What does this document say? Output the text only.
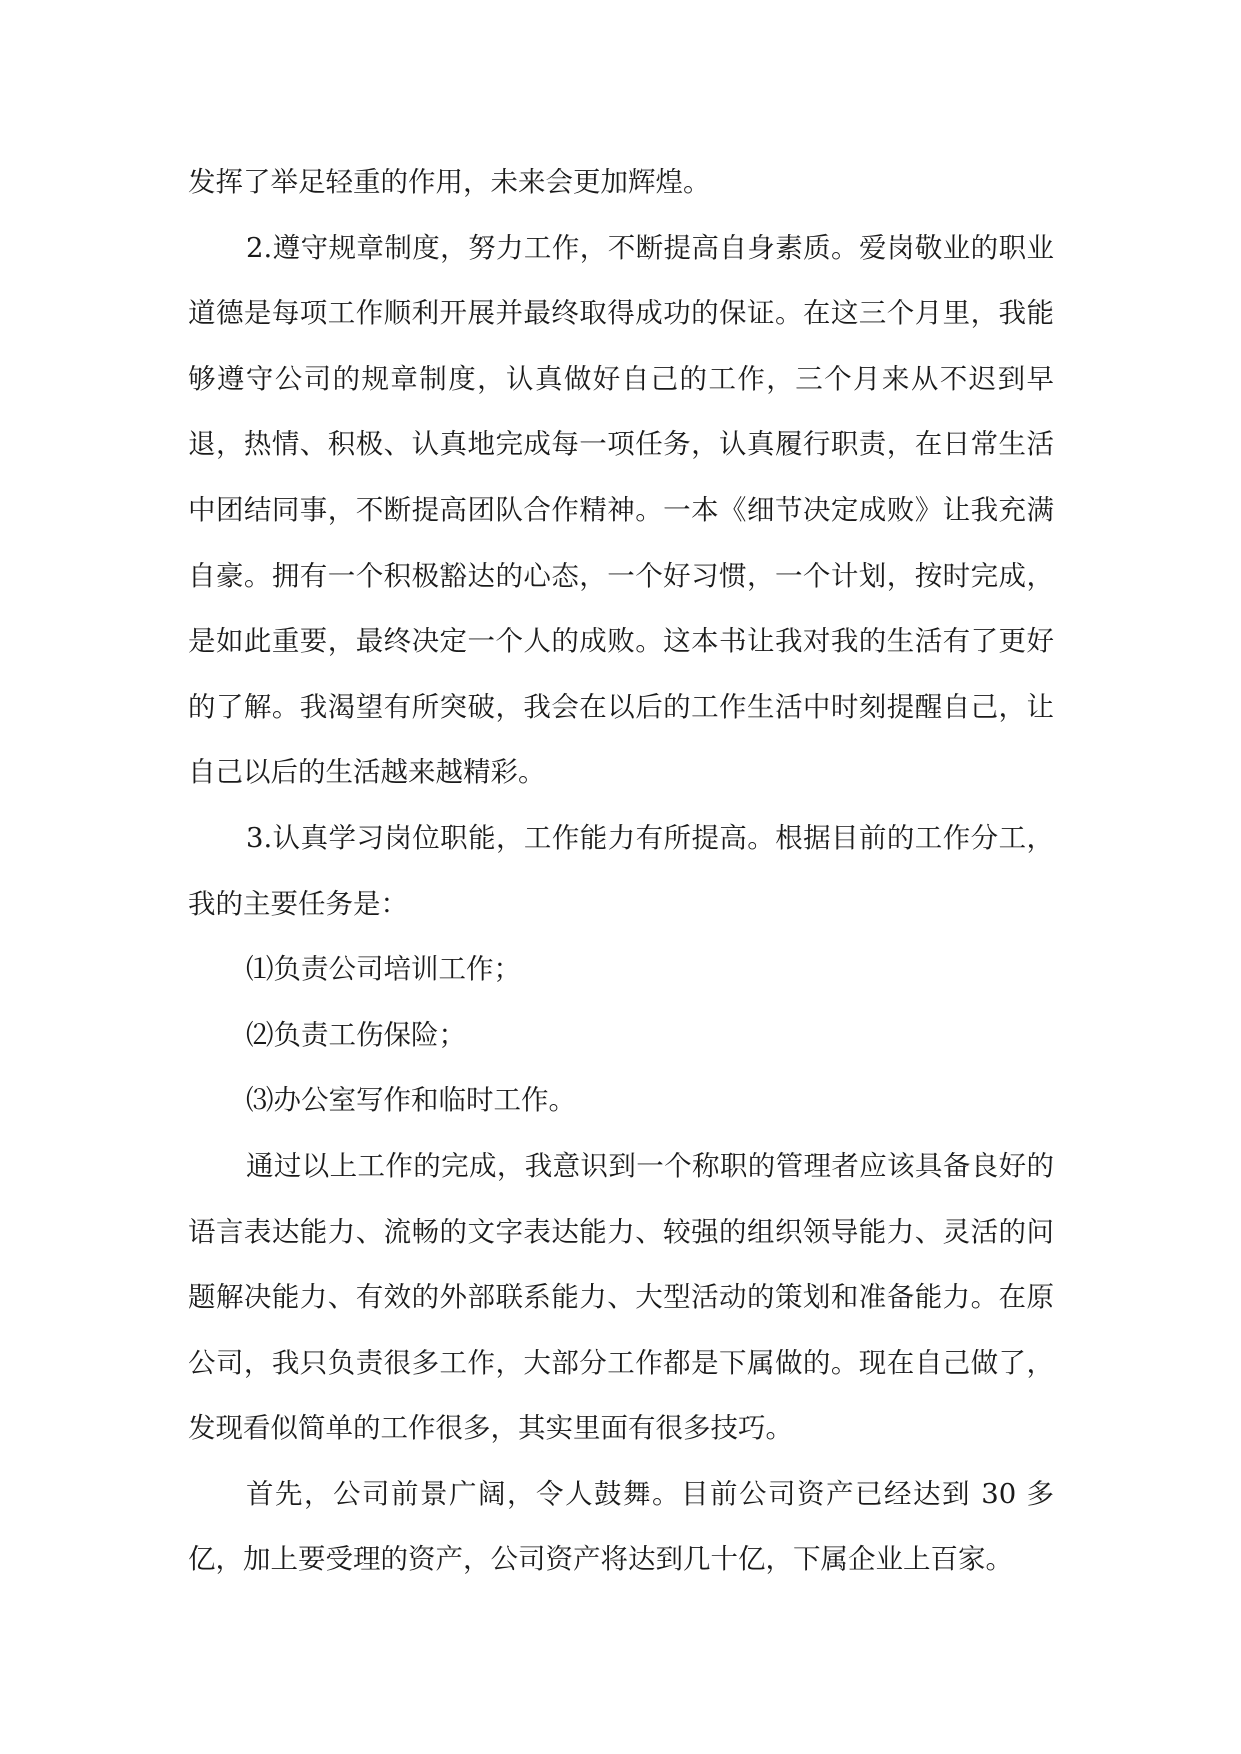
发挥了举足轻重的作用，未来会更加辉煌。

2.遵守规章制度，努力工作，不断提高自身素质。爱岗敬业的职业道德是每项工作顺利开展并最终取得成功的保证。在这三个月里，我能够遵守公司的规章制度，认真做好自己的工作，三个月来从不迟到早退，热情、积极、认真地完成每一项任务，认真履行职责，在日常生活中团结同事，不断提高团队合作精神。一本《细节决定成败》让我充满自豪。拥有一个积极豁达的心态，一个好习惯，一个计划，按时完成，是如此重要，最终决定一个人的成败。这本书让我对我的生活有了更好的了解。我渴望有所突破，我会在以后的工作生活中时刻提醒自己，让自己以后的生活越来越精彩。

3.认真学习岗位职能，工作能力有所提高。根据目前的工作分工，我的主要任务是：

⑴负责公司培训工作；

⑵负责工伤保险；

⑶办公室写作和临时工作。

通过以上工作的完成，我意识到一个称职的管理者应该具备良好的语言表达能力、流畅的文字表达能力、较强的组织领导能力、灵活的问题解决能力、有效的外部联系能力、大型活动的策划和准备能力。在原公司，我只负责很多工作，大部分工作都是下属做的。现在自己做了，发现看似简单的工作很多，其实里面有很多技巧。

首先，公司前景广阔，令人鼓舞。目前公司资产已经达到 30 多亿，加上要受理的资产，公司资产将达到几十亿，下属企业上百家。
